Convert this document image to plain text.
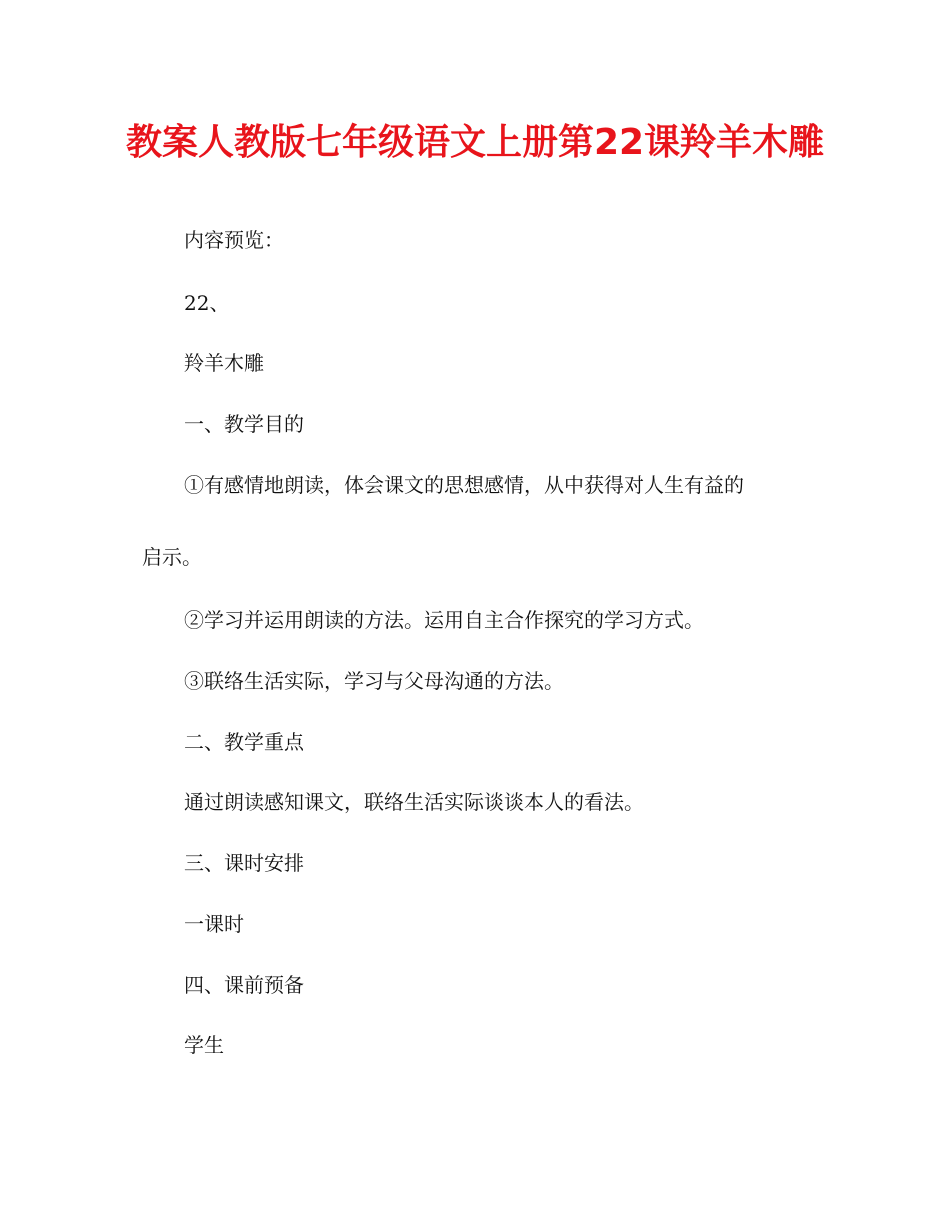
教案人教版七年级语文上册第22课羚羊木雕

内容预览：

22、

羚羊木雕

一、教学目的

①有感情地朗读，体会课文的思想感情，从中获得对人生有益的

启示。

②学习并运用朗读的方法。运用自主合作探究的学习方式。

③联络生活实际，学习与父母沟通的方法。

二、教学重点

通过朗读感知课文，联络生活实际谈谈本人的看法。

三、课时安排

一课时

四、课前预备

学生
